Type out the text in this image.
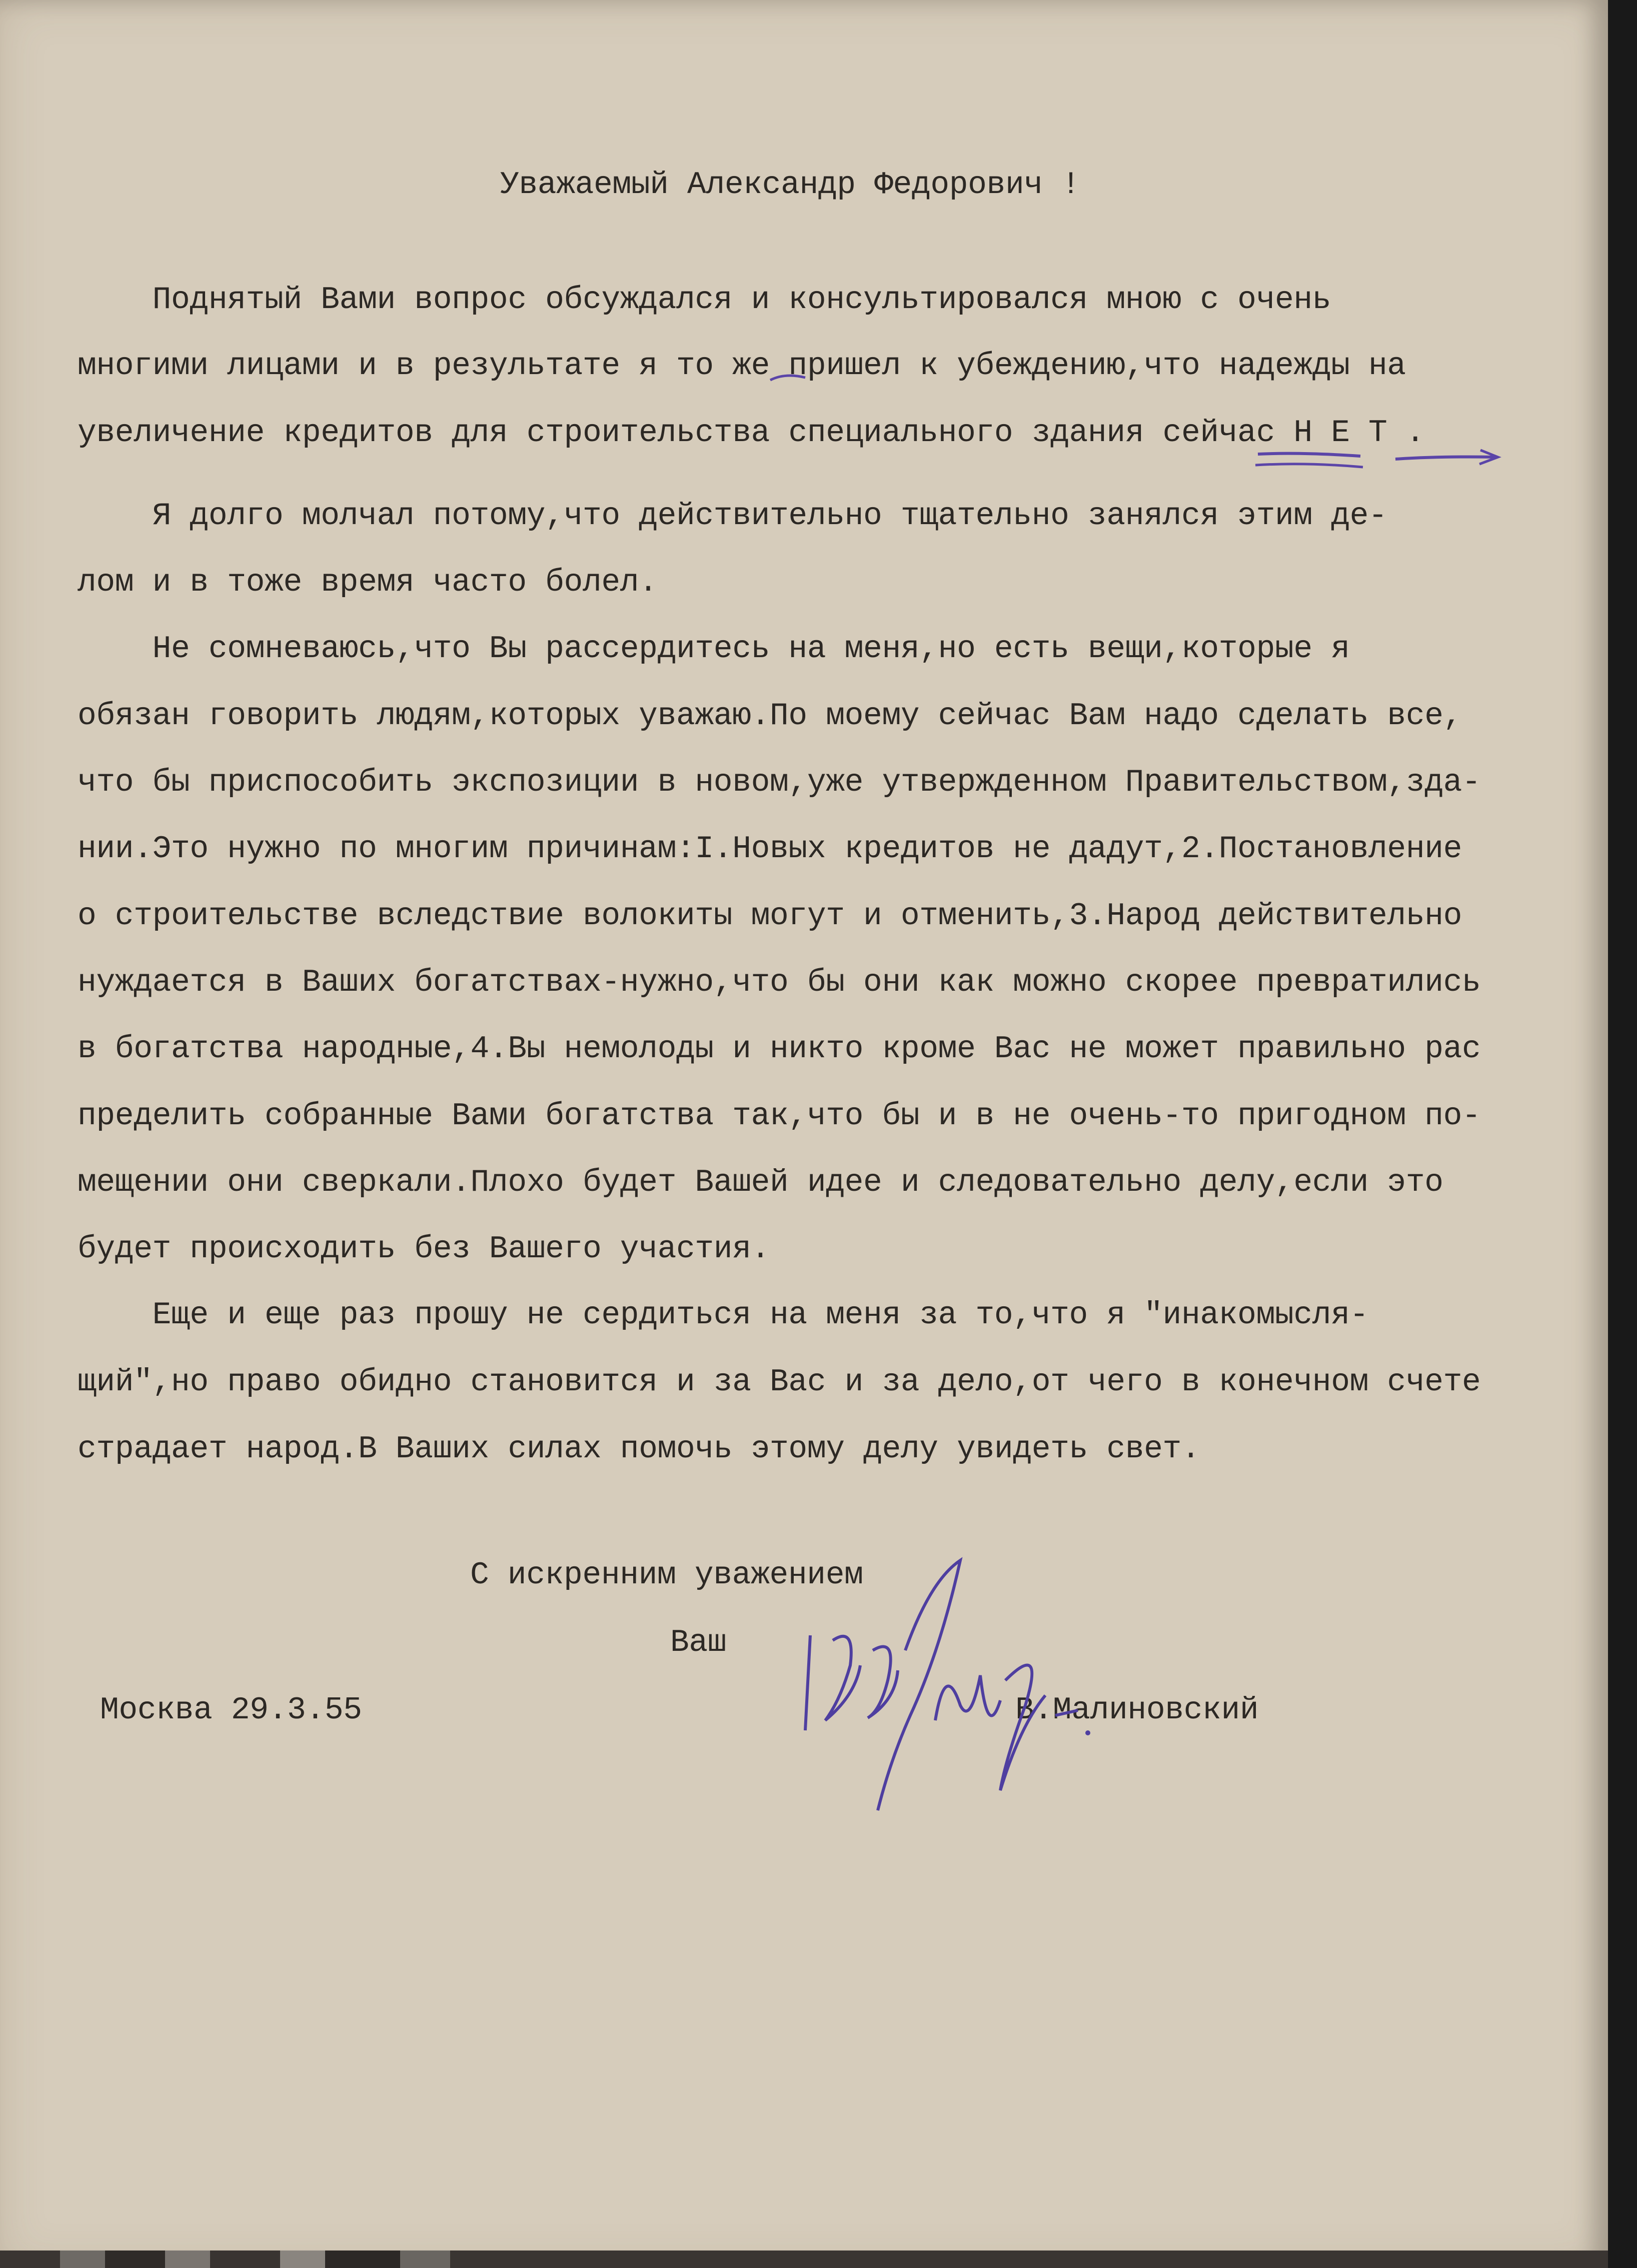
Уважаемый Александр Федорович !
Поднятый Вами вопрос обсуждался и консультировался мною с очень
многими лицами и в результате я то же пришел к убеждению,что надежды на
увеличение кредитов для строительства специального здания сейчас Н Е Т .
Я долго молчал потому,что действительно тщательно занялся этим де-
лом и в тоже время часто болел.
Не сомневаюсь,что Вы рассердитесь на меня,но есть вещи,которые я
обязан говорить людям,которых уважаю.По моему сейчас Вам надо сделать все,
что бы приспособить экспозиции в новом,уже утвержденном Правительством,зда-
нии.Это нужно по многим причинам:I.Новых кредитов не дадут,2.Постановление
о строительстве вследствие волокиты могут и отменить,3.Народ действительно
нуждается в Ваших богатствах-нужно,что бы они как можно скорее превратились
в богатства народные,4.Вы немолоды и никто кроме Вас не может правильно рас
пределить собранные Вами богатства так,что бы и в не очень-то пригодном по-
мещении они сверкали.Плохо будет Вашей идее и следовательно делу,если это
будет происходить без Вашего участия.
Еще и еще раз прошу не сердиться на меня за то,что я "инакомысля-
щий",но право обидно становится и за Вас и за дело,от чего в конечном счете
страдает народ.В Ваших силах помочь этому делу увидеть свет.
С искренним уважением
Ваш
Москва 29.3.55	В.Малиновский
